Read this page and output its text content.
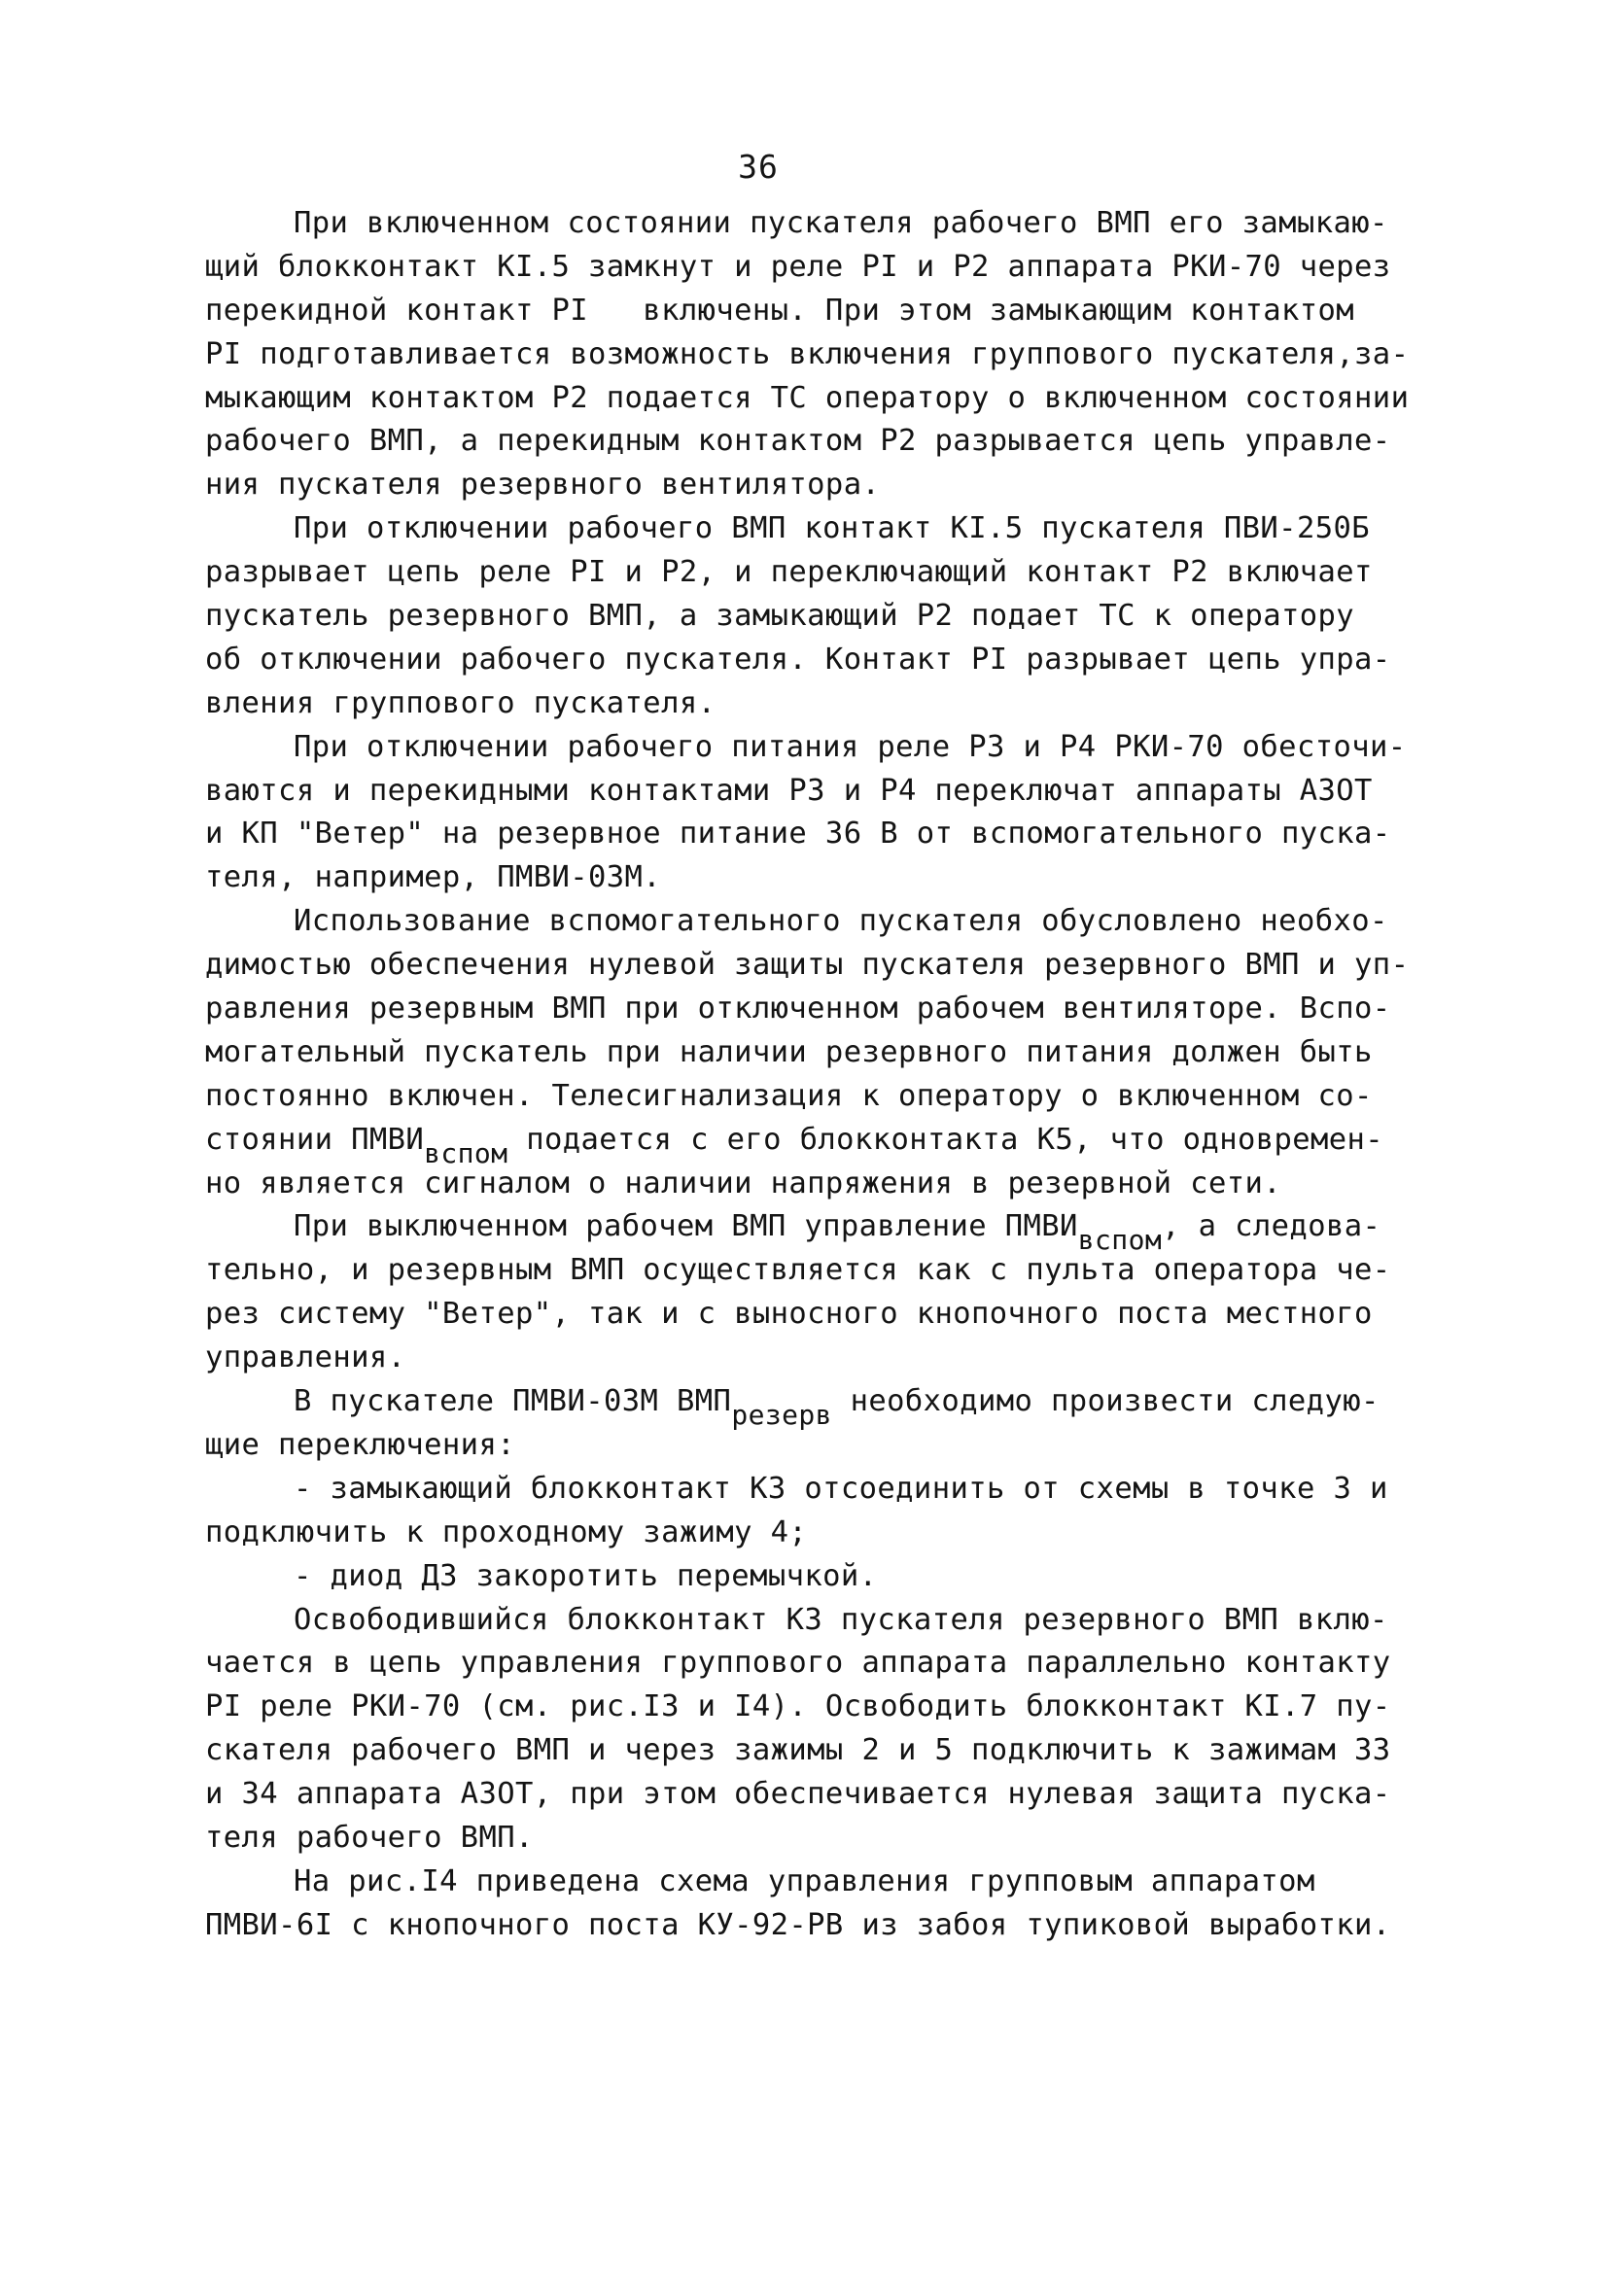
36
При включенном состоянии пускателя рабочего ВМП его замыкаю-
щий блокконтакт КI.5 замкнут и реле РI и Р2 аппарата РКИ-70 через
перекидной контакт РI   включены. При этом замыкающим контактом
РI подготавливается возможность включения группового пускателя,за-
мыкающим контактом Р2 подается ТС оператору о включенном состоянии
рабочего ВМП, а перекидным контактом Р2 разрывается цепь управле-
ния пускателя резервного вентилятора.
При отключении рабочего ВМП контакт КI.5 пускателя ПВИ-250Б
разрывает цепь реле РI и Р2, и переключающий контакт Р2 включает
пускатель резервного ВМП, а замыкающий Р2 подает ТС к оператору
об отключении рабочего пускателя. Контакт РI разрывает цепь упра-
вления группового пускателя.
При отключении рабочего питания реле Р3 и Р4 РКИ-70 обесточи-
ваются и перекидными контактами Р3 и Р4 переключат аппараты АЗОТ
и КП "Ветер" на резервное питание 36 В от вспомогательного пуска-
теля, например, ПМВИ-03М.
Использование вспомогательного пускателя обусловлено необхо-
димостью обеспечения нулевой защиты пускателя резервного ВМП и уп-
равления резервным ВМП при отключенном рабочем вентиляторе. Вспо-
могательный пускатель при наличии резервного питания должен быть
постоянно включен. Телесигнализация к оператору о включенном со-
стоянии ПМВИвспом подается с его блокконтакта К5, что одновремен-
но является сигналом о наличии напряжения в резервной сети.
При выключенном рабочем ВМП управление ПМВИвспом, а следова-
тельно, и резервным ВМП осуществляется как с пульта оператора че-
рез систему "Ветер", так и с выносного кнопочного поста местного
управления.
В пускателе ПМВИ-03М ВМПрезерв необходимо произвести следую-
щие переключения:
- замыкающий блокконтакт К3 отсоединить от схемы в точке 3 и
подключить к проходному зажиму 4;
- диод Д3 закоротить перемычкой.
Освободившийся блокконтакт К3 пускателя резервного ВМП вклю-
чается в цепь управления группового аппарата параллельно контакту
РI реле РКИ-70 (см. рис.I3 и I4). Освободить блокконтакт КI.7 пу-
скателя рабочего ВМП и через зажимы 2 и 5 подключить к зажимам 33
и 34 аппарата АЗОТ, при этом обеспечивается нулевая защита пуска-
теля рабочего ВМП.
На рис.I4 приведена схема управления групповым аппаратом
ПМВИ-6I с кнопочного поста КУ-92-РВ из забоя тупиковой выработки.
